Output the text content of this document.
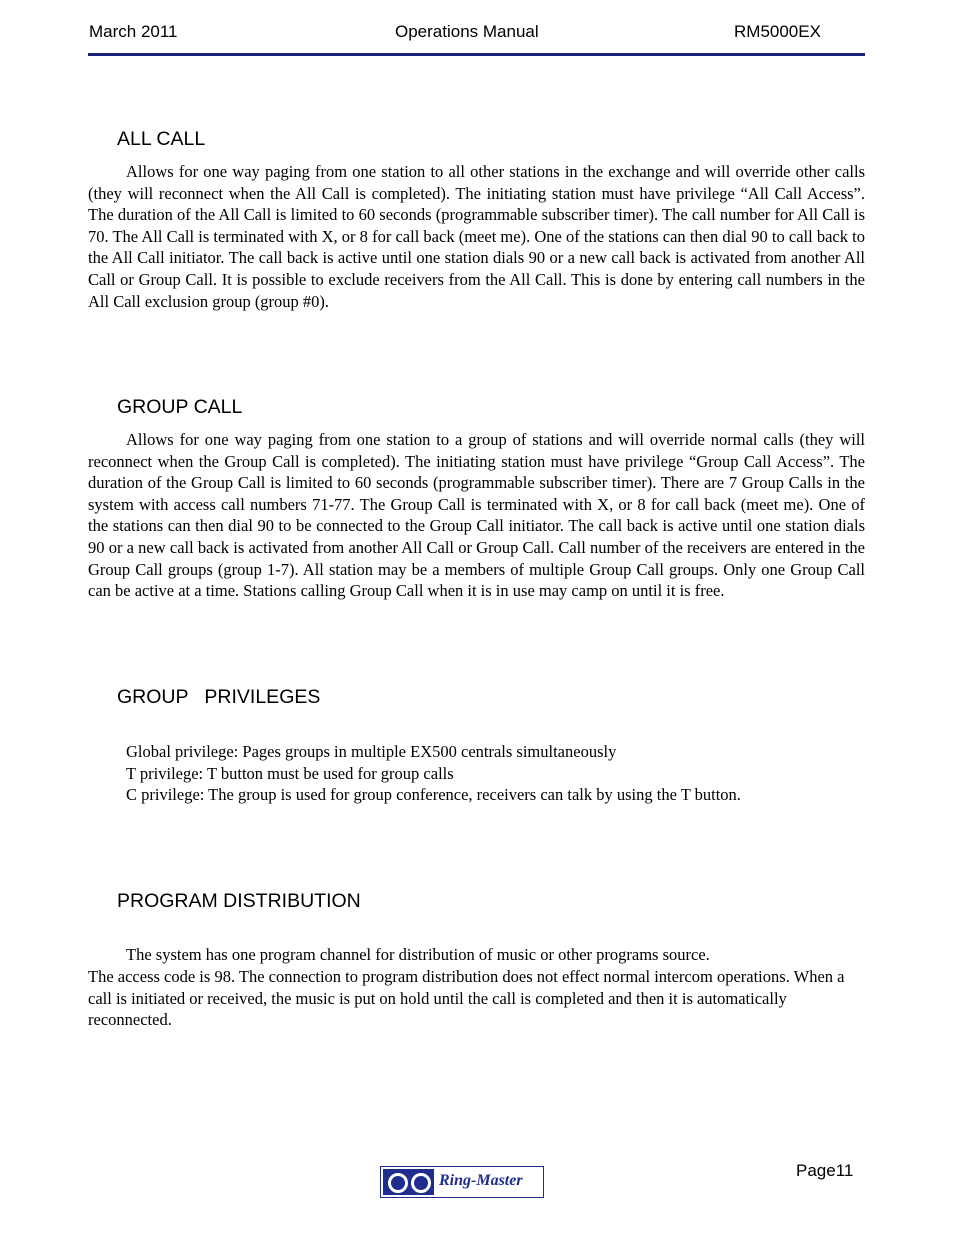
March 2011	Operations Manual	RM5000EX
ALL CALL

Allows for one way paging from one station to all other stations in the exchange and will override other calls (they will reconnect when the All Call is completed). The initiating station must have privilege “All Call Access”. The duration of the All Call is limited to 60 seconds (programmable subscriber timer). The call number for All Call is 70. The All Call is terminated with X, or 8 for call back (meet me). One of the stations can then dial 90 to call back to the All Call initiator. The call back is active until one station dials 90 or a new call back is activated from another All Call or Group Call. It is possible to exclude receivers from the All Call. This is done by entering call numbers in the All Call exclusion group (group #0).

GROUP CALL

Allows for one way paging from one station to a group of stations and will override normal calls (they will reconnect when the Group Call is completed). The initiating station must have privilege “Group Call Access”. The duration of the Group Call is limited to 60 seconds (programmable subscriber timer). There are 7 Group Calls in the system with access call numbers 71-77. The Group Call is terminated with X, or 8 for call back (meet me). One of the stations can then dial 90 to be connected to the Group Call initiator. The call back is active until one station dials 90 or a new call back is activated from another All Call or Group Call. Call number of the receivers are entered in the Group Call groups (group 1-7). All station may be a members of multiple Group Call groups. Only one Group Call can be active at a time. Stations calling Group Call when it is in use may camp on until it is free.

GROUP   PRIVILEGES
Global privilege: Pages groups in multiple EX500 centrals simultaneously
T privilege: T button must be used for group calls
C privilege: The group is used for group conference, receivers can talk by using the T button.
PROGRAM DISTRIBUTION
The system has one program channel for distribution of music or other programs source.

The access code is 98. The connection to program distribution does not effect normal intercom operations. When a call is initiated or received, the music is put on hold until the call is completed and then it is automatically reconnected.

Page11
Ring-Master
